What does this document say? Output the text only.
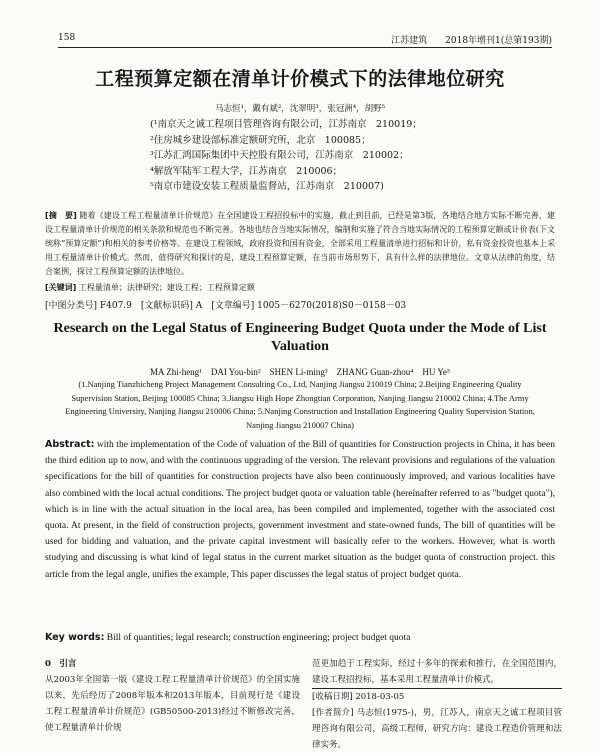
158	江苏建筑　　2018年增刊1(总第193期)
工程预算定额在清单计价模式下的法律地位研究
马志恒¹，戴有斌²，沈翠明³，张冠洲⁴，胡野⁵
(¹南京天之诚工程项目管理咨询有限公司，江苏南京　210019；
²住房城乡建设部标准定额研究所，北京　100085；
³江苏汇鸿国际集团中天控股有限公司，江苏南京　210002；
⁴解放军陆军工程大学，江苏南京　210006；
⁵南京市建设安装工程质量监督站，江苏南京　210007)
[摘　要] 随着《建设工程工程量清单计价规范》在全国建设工程招投标中的实施，截止到目前，已经是第3版，各地结合地方实际不断完善，建设工程量清单计价规范的相关条款和规范也不断完善。各地也结合当地实际情况，编制和实施了符合当地实际情况的工程预算定额或计价表(下文统称“预算定额”)和相关的参考价格等。在建设工程领域，政府投资和国有资金，全部采用工程量清单进行招标和计价，私有资金投资也基本上采用工程量清单计价模式。然而，值得研究和探讨的是，建设工程预算定额，在当前市场形势下，具有什么样的法律地位。文章从法律的角度，结合案例，探讨工程预算定额的法律地位。
[关键词] 工程量清单；法律研究；建设工程；工程预算定额
[中图分类号] F407.9　[文献标识码] A　[文章编号] 1005－6270(2018)S0－0158－03
Research on the Legal Status of Engineering Budget Quota under the Mode of List Valuation
MA Zhi-heng¹　DAI You-bin²　SHEN Li-ming³　ZHANG Guan-zhou⁴　HU Ye⁵
(1.Nanjing Tianzhicheng Project Management Consulting Co., Ltd, Nanjing Jiangsu 210019 China; 2.Beijing Engineering Quality Supervision Station, Beijing 100085 China; 3.Jiangsu High Hope Zhongtian Corporation, Nanjing Jiangsu 210002 China; 4.The Army Engineering University, Nanjing Jiangsu 210006 China; 5.Nanjing Construction and Installation Engineering Quality Supervision Station, Nanjing Jiangsu 210007 China)
Abstract: with the implementation of the Code of valuation of the Bill of quantities for Construction projects in China, it has been the third edition up to now, and with the continuous upgrading of the version. The relevant provisions and regulations of the valuation specifications for the bill of quantities for construction projects have also been continuously improved, and various localities have also combined with the local actual conditions. The project budget quota or valuation table (hereinafter referred to as "budget quota"), which is in line with the actual situation in the local area, has been compiled and implemented, together with the associated cost quota. At present, in the field of construction projects, government investment and state-owned funds, The bill of quantities will be used for bidding and valuation, and the private capital investment will basically refer to the workers. However, what is worth studying and discussing is what kind of legal status in the current market situation as the budget quota of construction project. this article from the legal angle, unifies the example, This paper discusses the legal status of project budget quota.
Key words: Bill of quantities; legal research; construction engineering; project budget quota
0　引言

从2003年全国第一版《建设工程工程量清单计价规范》的全国实施以来，先后经历了2008年版本和2013年版本，目前现行是《建设工程工程量清单计价规范》(GB50500-2013)经过不断修改完善，使工程量清单计价规

范更加趋于工程实际，经过十多年的探索和推行，在全国范围内，建设工程招投标，基本采用工程量清单计价模式。

[收稿日期] 2018-03-05

[作者简介] 马志恒(1975-)，男，江苏人，南京天之诚工程项目管理咨询有限公司，高级工程师，研究方向：建设工程造价管理和法律实务。
